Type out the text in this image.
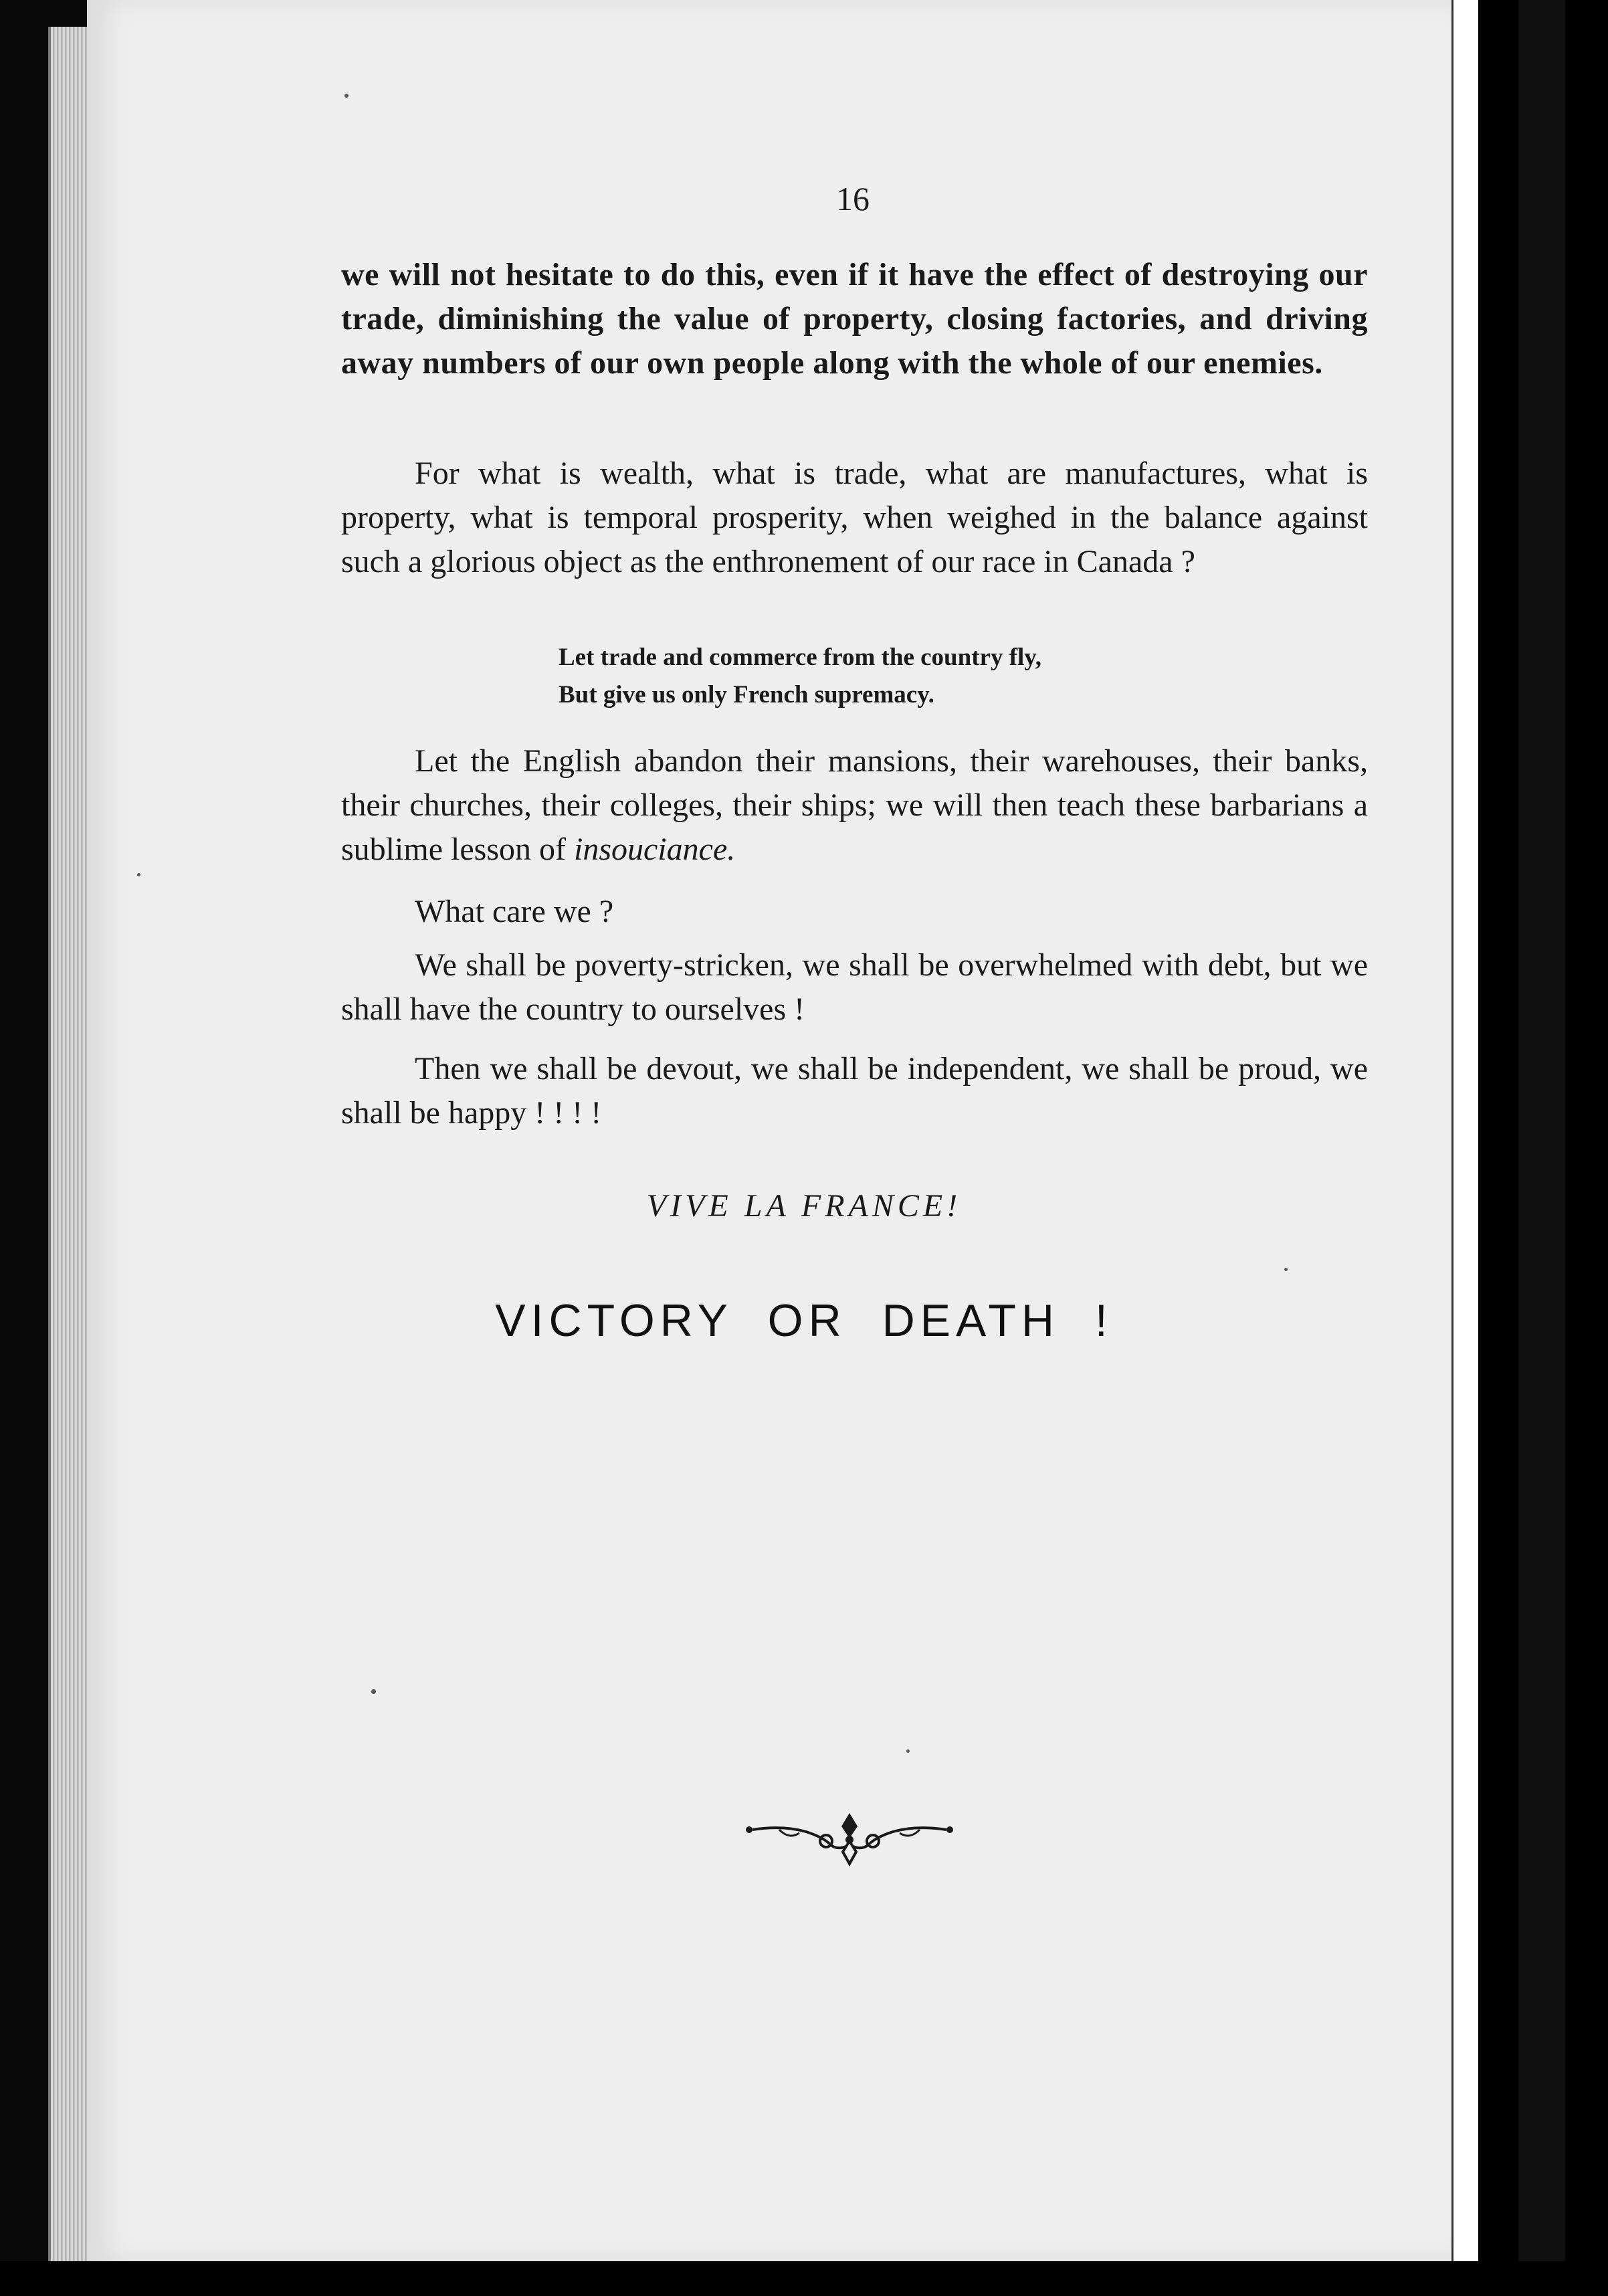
16

we will not hesitate to do this, even if it have the effect of destroying our trade, diminishing the value of property, closing factories, and driving away numbers of our own people along with the whole of our enemies.

For what is wealth, what is trade, what are manufactures, what is property, what is temporal prosperity, when weighed in the balance against such a glorious object as the enthronement of our race in Canada ?

Let trade and commerce from the country fly,
But give us only French supremacy.

Let the English abandon their mansions, their warehouses, their banks, their churches, their colleges, their ships; we will then teach these barbarians a sublime lesson of insouciance.

What care we ?

We shall be poverty-stricken, we shall be overwhelmed with debt, but we shall have the country to ourselves !

Then we shall be devout, we shall be independent, we shall be proud, we shall be happy ! ! ! !

VIVE LA FRANCE!
VICTORY OR DEATH !
